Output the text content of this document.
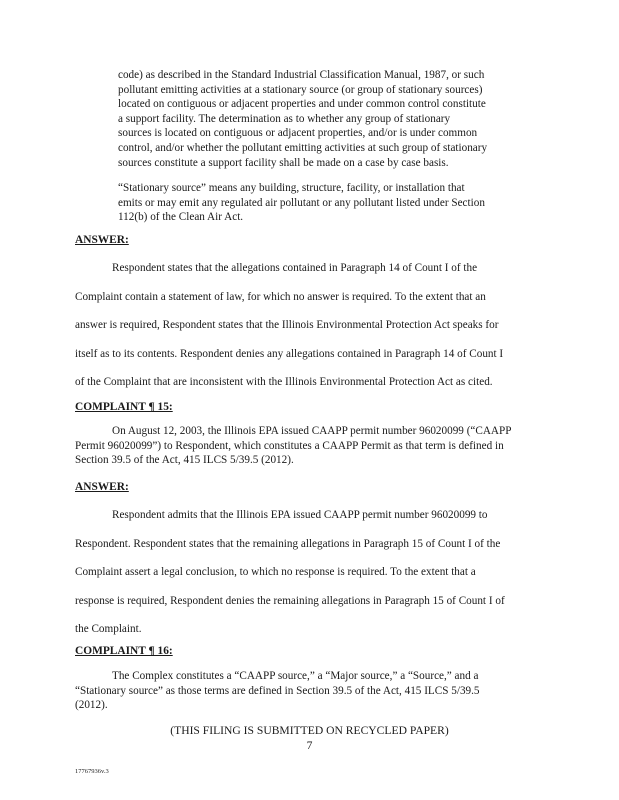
code) as described in the Standard Industrial Classification Manual, 1987, or such
pollutant emitting activities at a stationary source (or group of stationary sources)
located on contiguous or adjacent properties and under common control constitute
a support facility. The determination as to whether any group of stationary
sources is located on contiguous or adjacent properties, and/or is under common
control, and/or whether the pollutant emitting activities at such group of stationary
sources constitute a support facility shall be made on a case by case basis.
“Stationary source” means any building, structure, facility, or installation that
emits or may emit any regulated air pollutant or any pollutant listed under Section
112(b) of the Clean Air Act.
ANSWER:
Respondent states that the allegations contained in Paragraph 14 of Count I of the
Complaint contain a statement of law, for which no answer is required. To the extent that an
answer is required, Respondent states that the Illinois Environmental Protection Act speaks for
itself as to its contents. Respondent denies any allegations contained in Paragraph 14 of Count I
of the Complaint that are inconsistent with the Illinois Environmental Protection Act as cited.
COMPLAINT ¶ 15:
On August 12, 2003, the Illinois EPA issued CAAPP permit number 96020099 (“CAAPP
Permit 96020099”) to Respondent, which constitutes a CAAPP Permit as that term is defined in
Section 39.5 of the Act, 415 ILCS 5/39.5 (2012).
ANSWER:
Respondent admits that the Illinois EPA issued CAAPP permit number 96020099 to
Respondent. Respondent states that the remaining allegations in Paragraph 15 of Count I of the
Complaint assert a legal conclusion, to which no response is required. To the extent that a
response is required, Respondent denies the remaining allegations in Paragraph 15 of Count I of
the Complaint.
COMPLAINT ¶ 16:
The Complex constitutes a “CAAPP source,” a “Major source,” a “Source,” and a
“Stationary source” as those terms are defined in Section 39.5 of the Act, 415 ILCS 5/39.5
(2012).
(THIS FILING IS SUBMITTED ON RECYCLED PAPER)
7
17767936v.3
